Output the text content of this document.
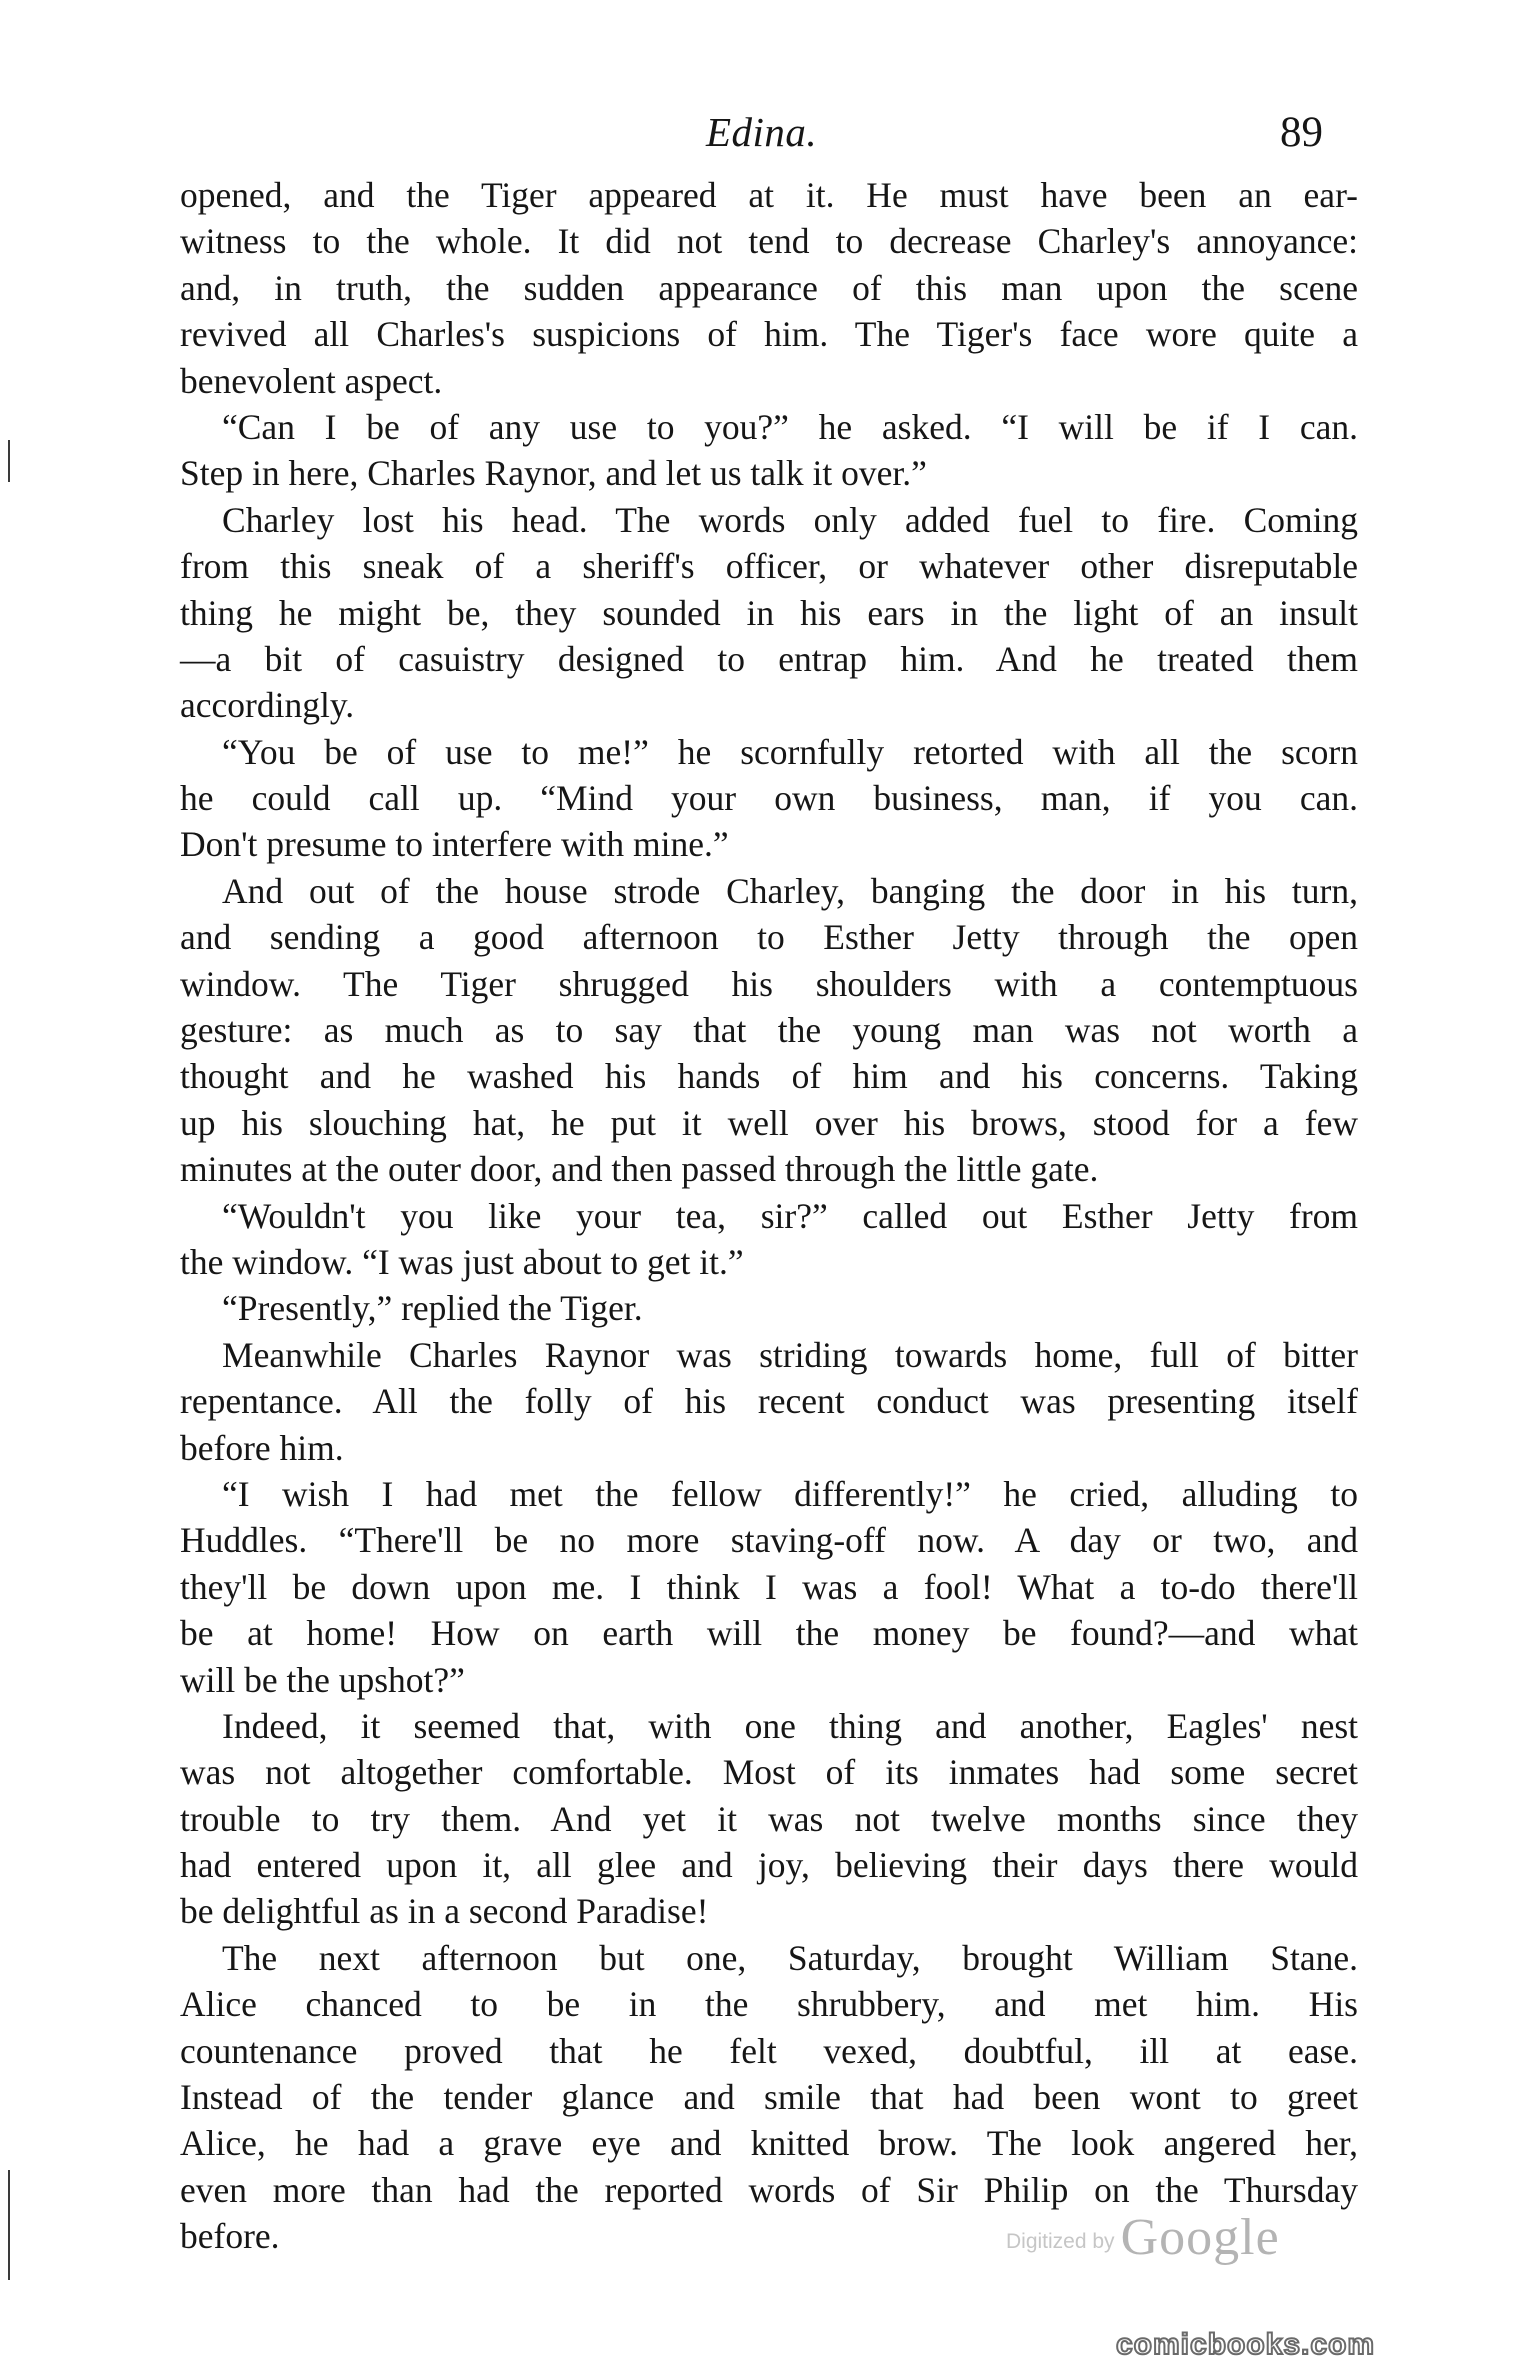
Edina.	89
opened, and the Tiger appeared at it. He must have been an ear-
witness to the whole. It did not tend to decrease Charley's annoyance:
and, in truth, the sudden appearance of this man upon the scene
revived all Charles's suspicions of him. The Tiger's face wore quite a
benevolent aspect.
“Can I be of any use to you?” he asked. “I will be if I can.
Step in here, Charles Raynor, and let us talk it over.”
Charley lost his head. The words only added fuel to fire. Coming
from this sneak of a sheriff's officer, or whatever other disreputable
thing he might be, they sounded in his ears in the light of an insult
—a bit of casuistry designed to entrap him. And he treated them
accordingly.
“You be of use to me!” he scornfully retorted with all the scorn
he could call up. “Mind your own business, man, if you can.
Don't presume to interfere with mine.”
And out of the house strode Charley, banging the door in his turn,
and sending a good afternoon to Esther Jetty through the open
window. The Tiger shrugged his shoulders with a contemptuous
gesture: as much as to say that the young man was not worth a
thought and he washed his hands of him and his concerns. Taking
up his slouching hat, he put it well over his brows, stood for a few
minutes at the outer door, and then passed through the little gate.
“Wouldn't you like your tea, sir?” called out Esther Jetty from
the window. “I was just about to get it.”
“Presently,” replied the Tiger.
Meanwhile Charles Raynor was striding towards home, full of bitter
repentance. All the folly of his recent conduct was presenting itself
before him.
“I wish I had met the fellow differently!” he cried, alluding to
Huddles. “There'll be no more staving-off now. A day or two, and
they'll be down upon me. I think I was a fool! What a to-do there'll
be at home! How on earth will the money be found?—and what
will be the upshot?”
Indeed, it seemed that, with one thing and another, Eagles' nest
was not altogether comfortable. Most of its inmates had some secret
trouble to try them. And yet it was not twelve months since they
had entered upon it, all glee and joy, believing their days there would
be delightful as in a second Paradise!
The next afternoon but one, Saturday, brought William Stane.
Alice chanced to be in the shrubbery, and met him. His
countenance proved that he felt vexed, doubtful, ill at ease.
Instead of the tender glance and smile that had been wont to greet
Alice, he had a grave eye and knitted brow. The look angered her,
even more than had the reported words of Sir Philip on the Thursday
before.	Digitized by Google
comicbooks.com
